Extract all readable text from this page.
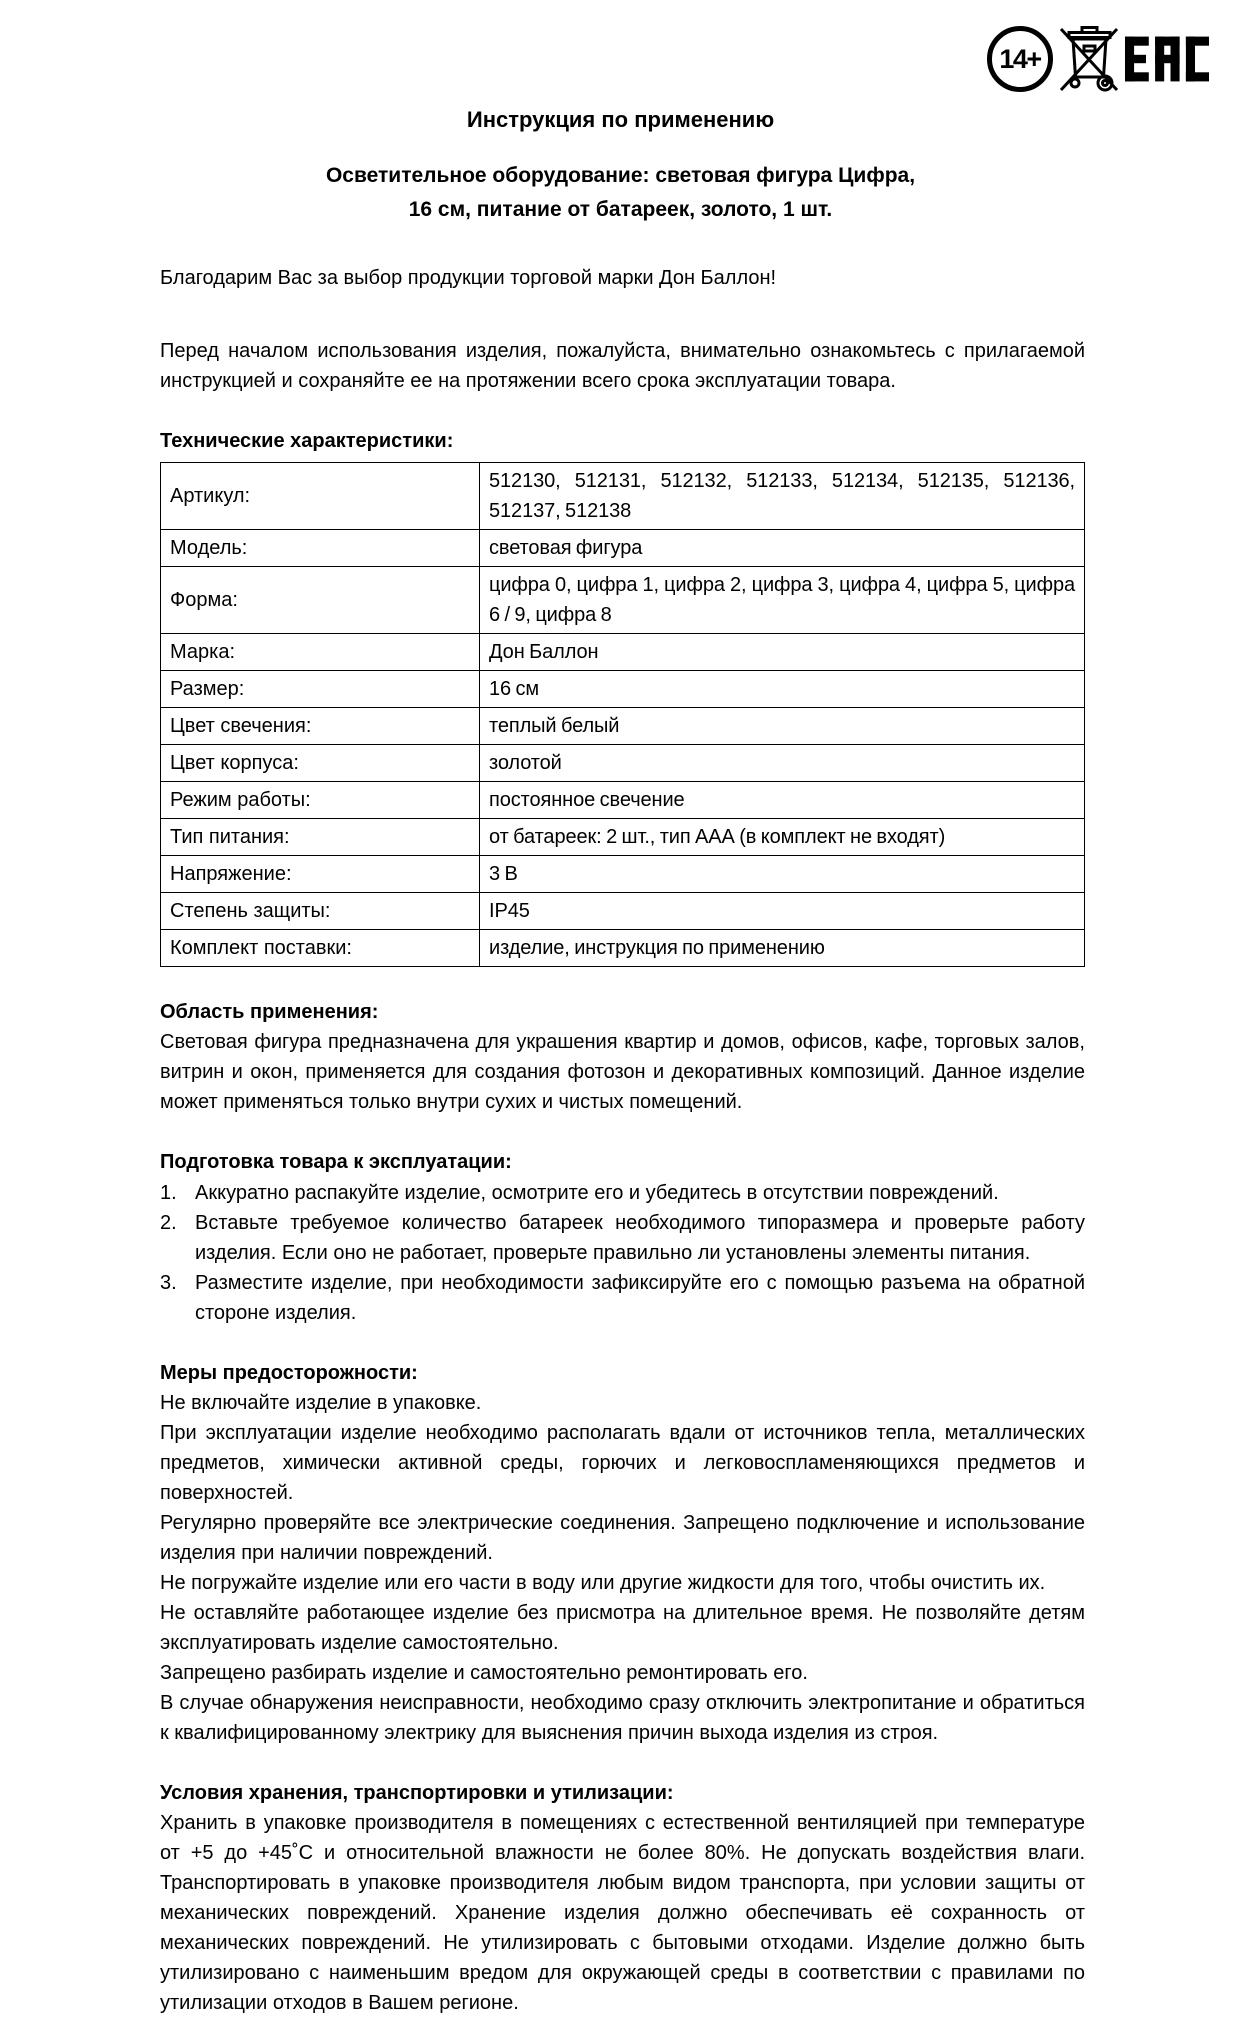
14+
Инструкция по применению
Осветительное оборудование: световая фигура Цифра,
16 см, питание от батареек, золото, 1 шт.

Благодарим Вас за выбор продукции торговой марки Дон Баллон!

Перед началом использования изделия, пожалуйста, внимательно ознакомьтесь с прилагаемой инструкцией и сохраняйте ее на протяжении всего срока эксплуатации товара.

Технические характеристики:
Артикул:	512130, 512131, 512132, 512133, 512134, 512135, 512136, 512137, 512138
Модель:	световая фигура
Форма:	цифра 0, цифра 1, цифра 2, цифра 3, цифра 4, цифра 5, цифра 6 / 9, цифра 8
Марка:	Дон Баллон
Размер:	16 см
Цвет свечения:	теплый белый
Цвет корпуса:	золотой
Режим работы:	постоянное свечение
Тип питания:	от батареек: 2 шт., тип ААА (в комплект не входят)
Напряжение:	3 В
Степень защиты:	IP45
Комплект поставки:	изделие, инструкция по применению
Область применения:

Световая фигура предназначена для украшения квартир и домов, офисов, кафе, торговых залов, витрин и окон, применяется для создания фотозон и декоративных композиций. Данное изделие может применяться только внутри сухих и чистых помещений.

Подготовка товара к эксплуатации:
1. Аккуратно распакуйте изделие, осмотрите его и убедитесь в отсутствии повреждений.
2. Вставьте требуемое количество батареек необходимого типоразмера и проверьте работу изделия. Если оно не работает, проверьте правильно ли установлены элементы питания.
3. Разместите изделие, при необходимости зафиксируйте его с помощью разъема на обратной стороне изделия.
Меры предосторожности:

Не включайте изделие в упаковке.

При эксплуатации изделие необходимо располагать вдали от источников тепла, металлических предметов, химически активной среды, горючих и легковоспламеняющихся предметов и поверхностей.

Регулярно проверяйте все электрические соединения. Запрещено подключение и использование изделия при наличии повреждений.

Не погружайте изделие или его части в воду или другие жидкости для того, чтобы очистить их.

Не оставляйте работающее изделие без присмотра на длительное время. Не позволяйте детям эксплуатировать изделие самостоятельно.

Запрещено разбирать изделие и самостоятельно ремонтировать его.

В случае обнаружения неисправности, необходимо сразу отключить электропитание и обратиться к квалифицированному электрику для выяснения причин выхода изделия из строя.

Условия хранения, транспортировки и утилизации:

Хранить в упаковке производителя в помещениях с естественной вентиляцией при температуре от +5 до +45˚С и относительной влажности не более 80%. Не допускать воздействия влаги. Транспортировать в упаковке производителя любым видом транспорта, при условии защиты от механических повреждений. Хранение изделия должно обеспечивать её сохранность от механических повреждений. Не утилизировать с бытовыми отходами. Изделие должно быть утилизировано с наименьшим вредом для окружающей среды в соответствии с правилами по утилизации отходов в Вашем регионе.
